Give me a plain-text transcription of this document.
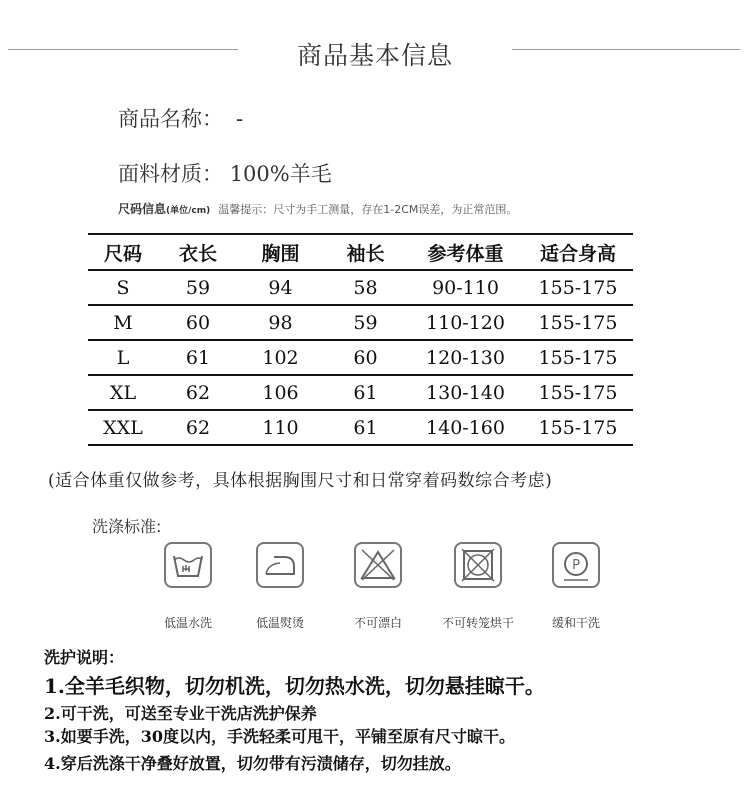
商品基本信息
商品名称： -
面料材质： 100%羊毛
尺码信息(单位/cm) 温馨提示：尺寸为手工测量，存在1-2CM误差，为正常范围。
尺码	衣长	胸围	袖长	参考体重	适合身高
S	59	94	58	90-110	155-175
M	60	98	59	110-120	155-175
L	61	102	60	120-130	155-175
XL	62	106	61	130-140	155-175
XXL	62	110	61	140-160	155-175
(适合体重仅做参考，具体根据胸围尺寸和日常穿着码数综合考虑)
洗涤标准:
P
低温水洗	低温熨烫	不可漂白	不可转笼烘干	缓和干洗
洗护说明：
1.全羊毛织物，切勿机洗，切勿热水洗，切勿悬挂晾干。
2.可干洗，可送至专业干洗店洗护保养
3.如要手洗，30度以内，手洗轻柔可甩干，平铺至原有尺寸晾干。
4.穿后洗涤干净叠好放置，切勿带有污渍储存，切勿挂放。
